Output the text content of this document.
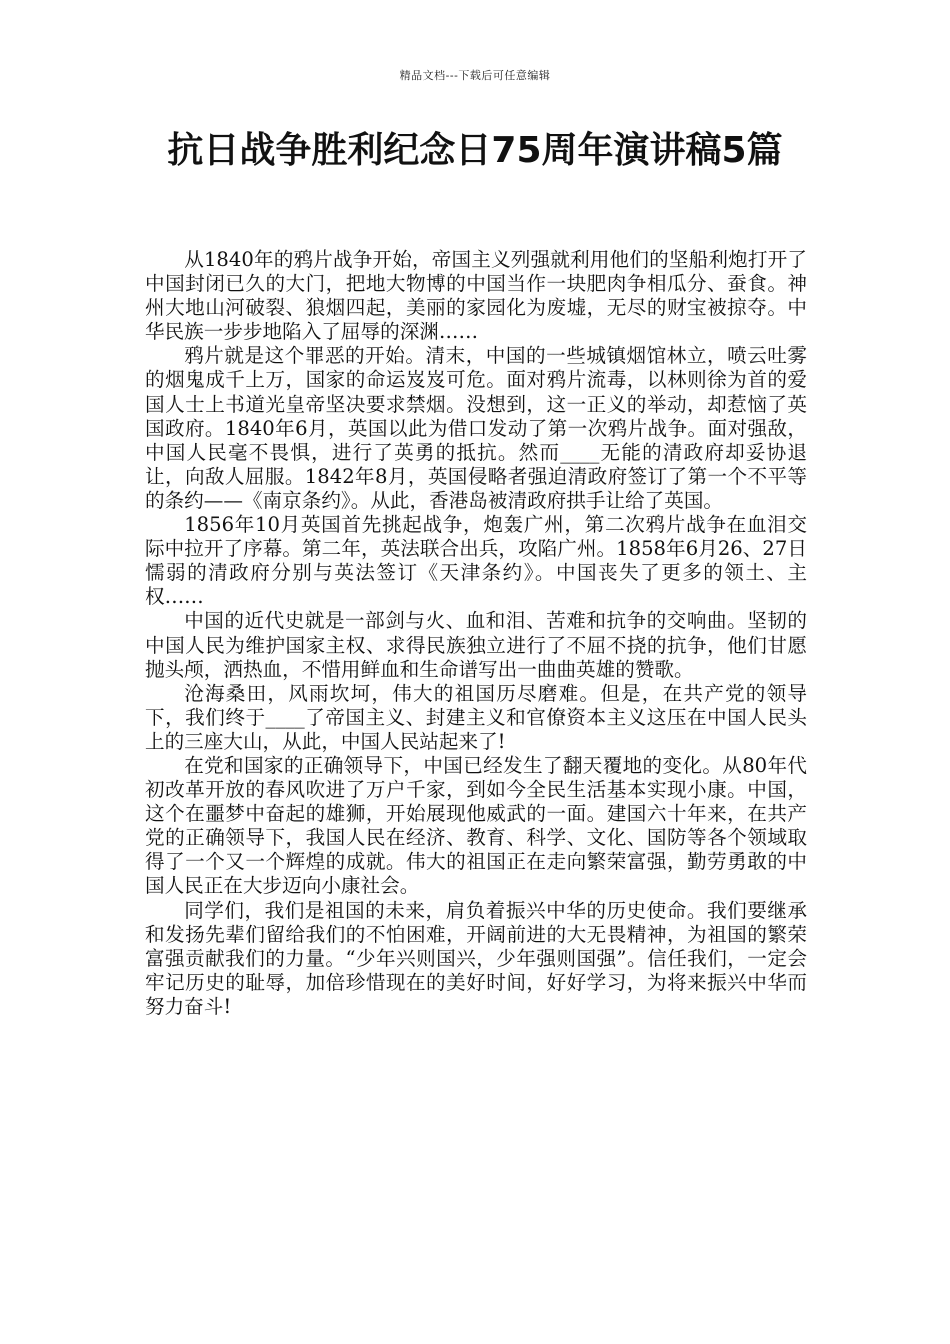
精品文档---下载后可任意编辑
抗日战争胜利纪念日75周年演讲稿5篇

从1840年的鸦片战争开始，帝国主义列强就利用他们的坚船利炮打开了中国封闭已久的大门，把地大物博的中国当作一块肥肉争相瓜分、蚕食。神州大地山河破裂、狼烟四起，美丽的家园化为废墟，无尽的财宝被掠夺。中华民族一步步地陷入了屈辱的深渊……

鸦片就是这个罪恶的开始。清末，中国的一些城镇烟馆林立，喷云吐雾的烟鬼成千上万，国家的命运岌岌可危。面对鸦片流毒，以林则徐为首的爱国人士上书道光皇帝坚决要求禁烟。没想到，这一正义的举动，却惹恼了英国政府。1840年6月，英国以此为借口发动了第一次鸦片战争。面对强敌，中国人民毫不畏惧，进行了英勇的抵抗。然而____无能的清政府却妥协退让，向敌人屈服。1842年8月，英国侵略者强迫清政府签订了第一个不平等的条约——《南京条约》。从此，香港岛被清政府拱手让给了英国。

1856年10月英国首先挑起战争，炮轰广州，第二次鸦片战争在血泪交际中拉开了序幕。第二年，英法联合出兵，攻陷广州。1858年6月26、27日懦弱的清政府分别与英法签订《天津条约》。中国丧失了更多的领土、主权……

中国的近代史就是一部剑与火、血和泪、苦难和抗争的交响曲。坚韧的中国人民为维护国家主权、求得民族独立进行了不屈不挠的抗争，他们甘愿抛头颅，洒热血，不惜用鲜血和生命谱写出一曲曲英雄的赞歌。

沧海桑田，风雨坎坷，伟大的祖国历尽磨难。但是，在共产党的领导下，我们终于____了帝国主义、封建主义和官僚资本主义这压在中国人民头上的三座大山，从此，中国人民站起来了!

在党和国家的正确领导下，中国已经发生了翻天覆地的变化。从80年代初改革开放的春风吹进了万户千家，到如今全民生活基本实现小康。中国，这个在噩梦中奋起的雄狮，开始展现他威武的一面。建国六十年来，在共产党的正确领导下，我国人民在经济、教育、科学、文化、国防等各个领域取得了一个又一个辉煌的成就。伟大的祖国正在走向繁荣富强，勤劳勇敢的中国人民正在大步迈向小康社会。

同学们，我们是祖国的未来，肩负着振兴中华的历史使命。我们要继承和发扬先辈们留给我们的不怕困难，开阔前进的大无畏精神，为祖国的繁荣富强贡献我们的力量。“少年兴则国兴，少年强则国强”。信任我们，一定会牢记历史的耻辱，加倍珍惜现在的美好时间，好好学习，为将来振兴中华而努力奋斗!
